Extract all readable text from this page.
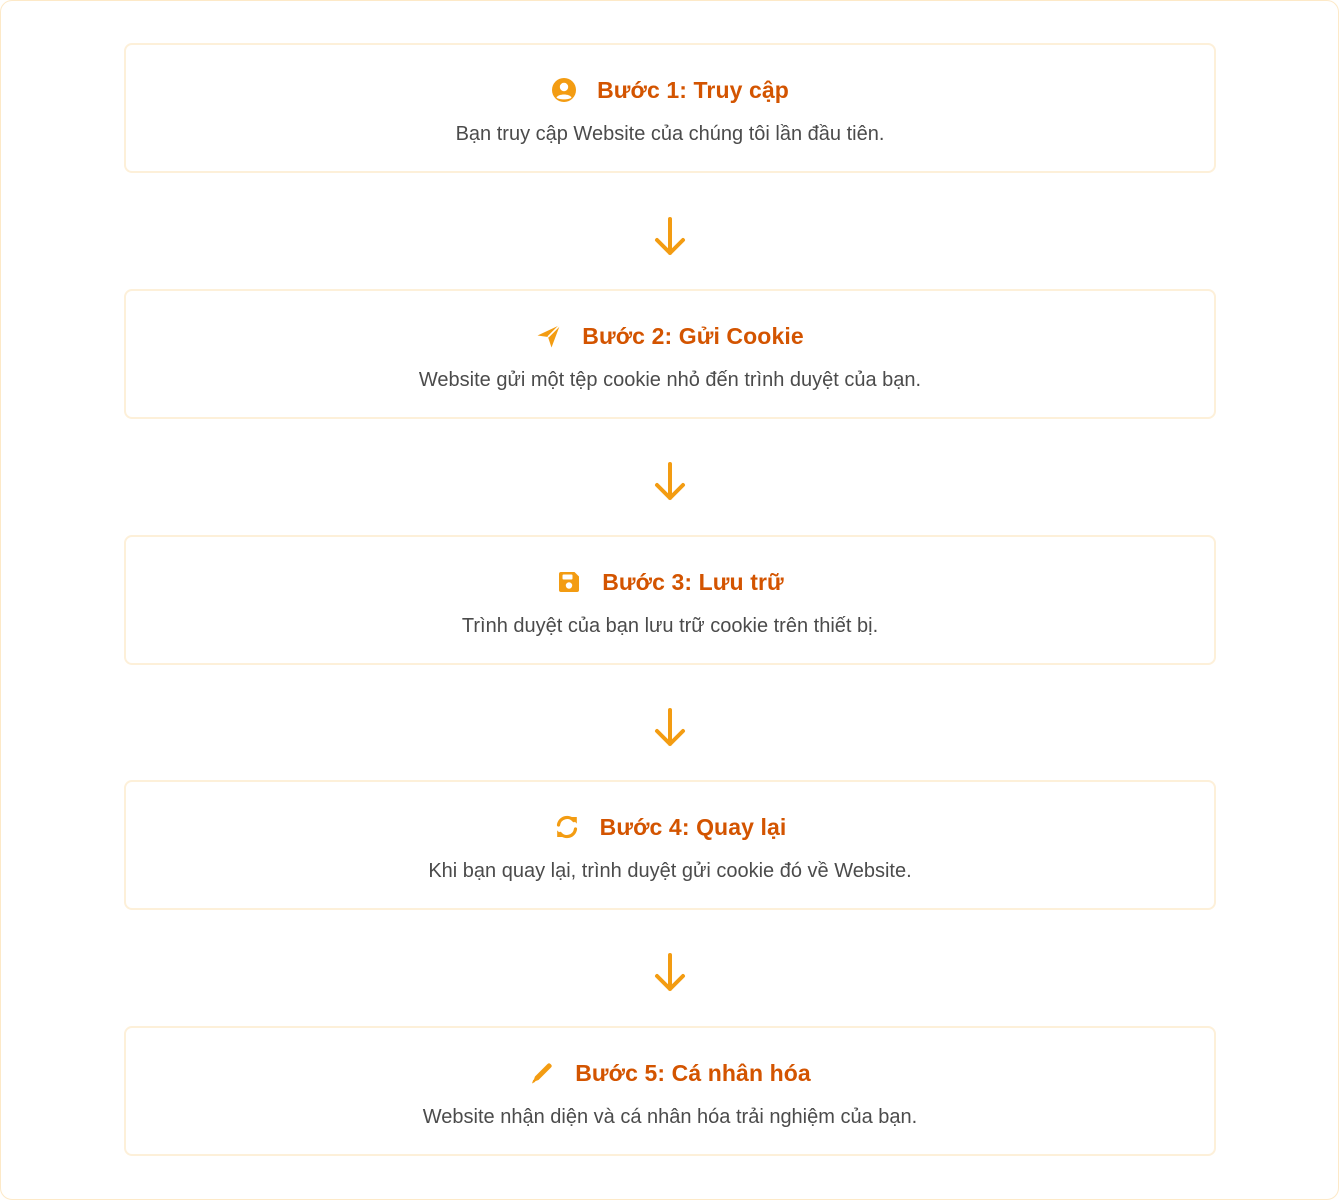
Bước 1: Truy cập
Bạn truy cập Website của chúng tôi lần đầu tiên.
Bước 2: Gửi Cookie
Website gửi một tệp cookie nhỏ đến trình duyệt của bạn.
Bước 3: Lưu trữ
Trình duyệt của bạn lưu trữ cookie trên thiết bị.
Bước 4: Quay lại
Khi bạn quay lại, trình duyệt gửi cookie đó về Website.
Bước 5: Cá nhân hóa
Website nhận diện và cá nhân hóa trải nghiệm của bạn.
